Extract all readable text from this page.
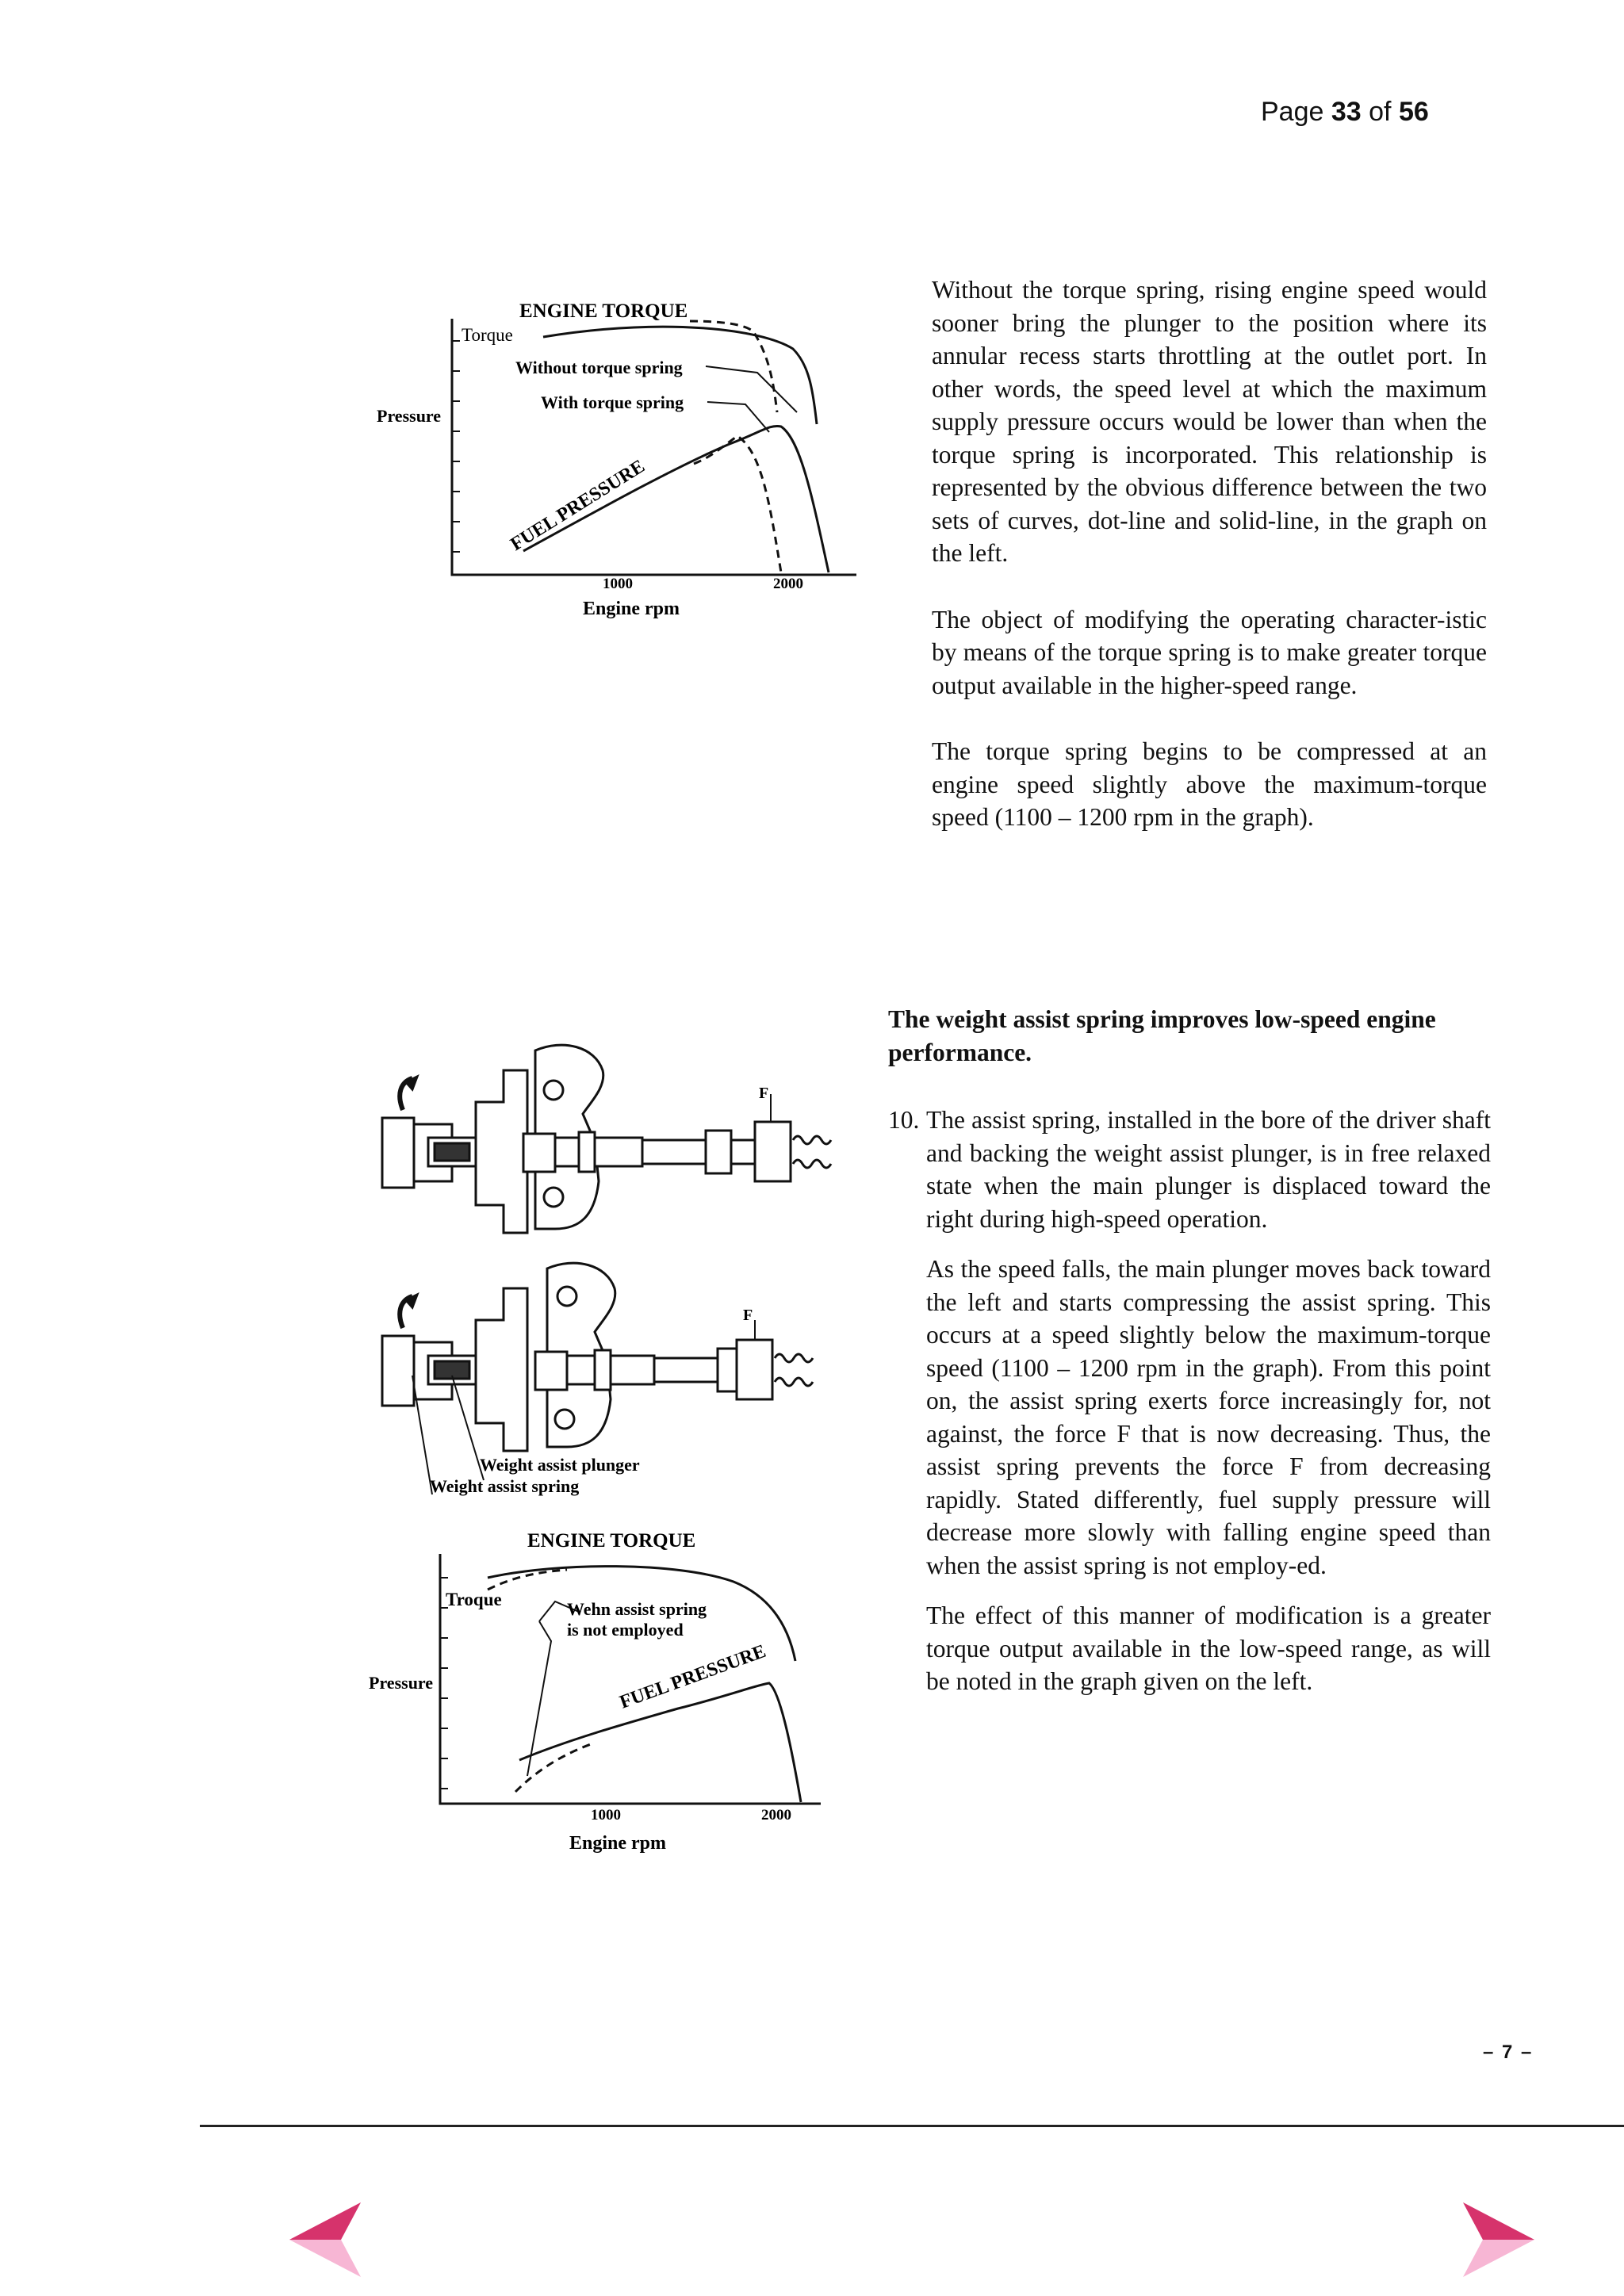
Page 33 of 56
ENGINE TORQUE
Torque
Pressure
Without torque spring
With torque spring
FUEL PRESSURE
1000	2000
Engine rpm

Without the torque spring, rising engine speed would sooner bring the plunger to the position where its annular recess starts throttling at the outlet port. In other words, the speed level at which the maximum supply pressure occurs would be lower than when the torque spring is incorporated. This relationship is represented by the obvious difference between the two sets of curves, dot-line and solid-line, in the graph on the left.

The object of modifying the operating character-istic by means of the torque spring is to make greater torque output available in the higher-speed range.

The torque spring begins to be compressed at an engine speed slightly above the maximum-torque speed (1100 – 1200 rpm in the graph).

F
F
Weight assist plunger
Weight assist spring
ENGINE TORQUE
Troque
Pressure
Wehn assist spring
is not employed
FUEL PRESSURE
1000	2000
Engine rpm

The weight assist spring improves low-speed engine performance.

10. The assist spring, installed in the bore of the driver shaft and backing the weight assist plunger, is in free relaxed state when the main plunger is displaced toward the right during high-speed operation.

As the speed falls, the main plunger moves back toward the left and starts compressing the assist spring. This occurs at a speed slightly below the maximum-torque speed (1100 – 1200 rpm in the graph). From this point on, the assist spring exerts force increasingly for, not against, the force F that is now decreasing. Thus, the assist spring prevents the force F from decreasing rapidly. Stated differently, fuel supply pressure will decrease more slowly with falling engine speed than when the assist spring is not employ-ed.

The effect of this manner of modification is a greater torque output available in the low-speed range, as will be noted in the graph given on the left.

– 7 –
